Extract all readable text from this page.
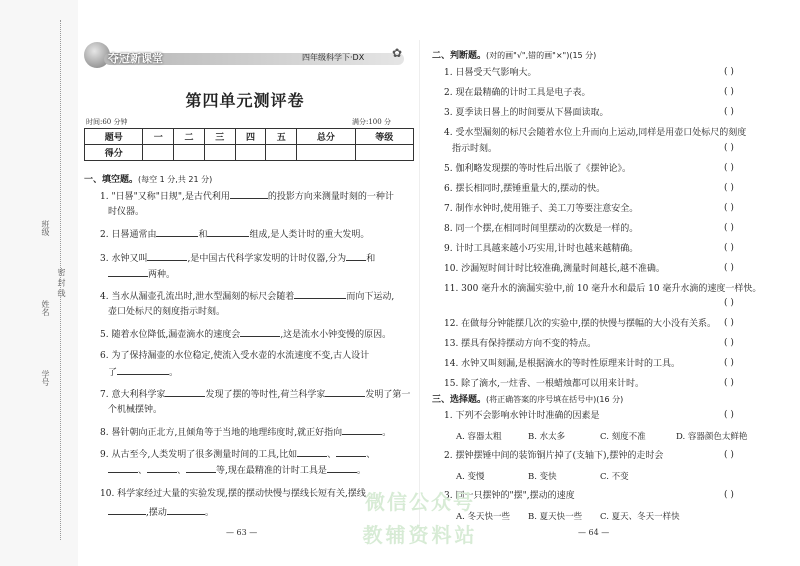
班级
密 封 线
姓名
学号
夺冠新课堂	四年级科学下·DX ✿
第四单元测评卷
时间:60 分钟	满分:100 分
题号	一	二	三	四	五	总分	等级
得分							
一、填空题。(每空 1 分,共 21 分)
1. "日晷"又称"日规",是古代利用	的投影方向来测量时刻的一种计
时仪器。
2. 日晷通常由	和	组成,是人类计时的重大发明。
3. 水钟又叫	,是中国古代科学家发明的计时仪器,分为 和
两种。
4. 当水从漏壶孔流出时,泄水型漏刻的标尺会随着	而向下运动,
壶口处标尺的刻度指示时刻。
5. 随着水位降低,漏壶滴水的速度会	,这是流水小钟变慢的原因。
6. 为了保持漏壶的水位稳定,使流入受水壶的水流速度不变,古人设计
了	。
7. 意大利科学家	发现了摆的等时性,荷兰科学家	发明了第一
个机械摆钟。
8. 晷针朝向正北方,且倾角等于当地的地理纬度时,就正好指向	。
9. 从古至今,人类发明了很多测量时间的工具,比如	、	、
、	、	等,现在最精准的计时工具是	。
10. 科学家经过大量的实验发现,摆的摆动快慢与摆线长短有关,摆线
,摆动	。
— 63 —
二、判断题。(对的画"√",错的画"×")(15 分)
1. 日晷受天气影响大。	( )
2. 现在最精确的计时工具是电子表。	( )
3. 夏季读日晷上的时间要从下晷面读取。	( )
4. 受水型漏刻的标尺会随着水位上升而向上运动,同样是用壶口处标尺的刻度
指示时刻。	( )
5. 伽利略发现摆的等时性后出版了《摆钟论》。	( )
6. 摆长相同时,摆锤重量大的,摆动的快。	( )
7. 制作水钟时,使用锥子、美工刀等要注意安全。	( )
8. 同一个摆,在相同时间里摆动的次数是一样的。	( )
9. 计时工具越来越小巧实用,计时也越来越精确。	( )
10. 沙漏短时间计时比较准确,测量时间越长,越不准确。	( )
11. 300 毫升水的滴漏实验中,前 10 毫升水和最后 10 毫升水滴的速度一样快。
( )
12. 在做每分钟能摆几次的实验中,摆的快慢与摆幅的大小没有关系。 ( )
13. 摆具有保持摆动方向不变的特点。	( )
14. 水钟又叫刻漏,是根据滴水的等时性原理来计时的工具。	( )
15. 除了滴水,一炷香、一根蜡烛都可以用来计时。	( )
三、选择题。(将正确答案的序号填在括号中)(16 分)
1. 下列不会影响水钟计时准确的因素是	( )
A. 容器太粗	B. 水太多	C. 刻度不准	D. 容器颜色太鲜艳
2. 摆钟摆锤中间的装饰铜片掉了(支轴下),摆钟的走时会	( )
A. 变慢	B. 变快	C. 不变
3. 同一只摆钟的"摆",摆动的速度	( )
A. 冬天快一些 B. 夏天快一些 C. 夏天、冬天一样快
— 64 —
微信公众号
教辅资料站
